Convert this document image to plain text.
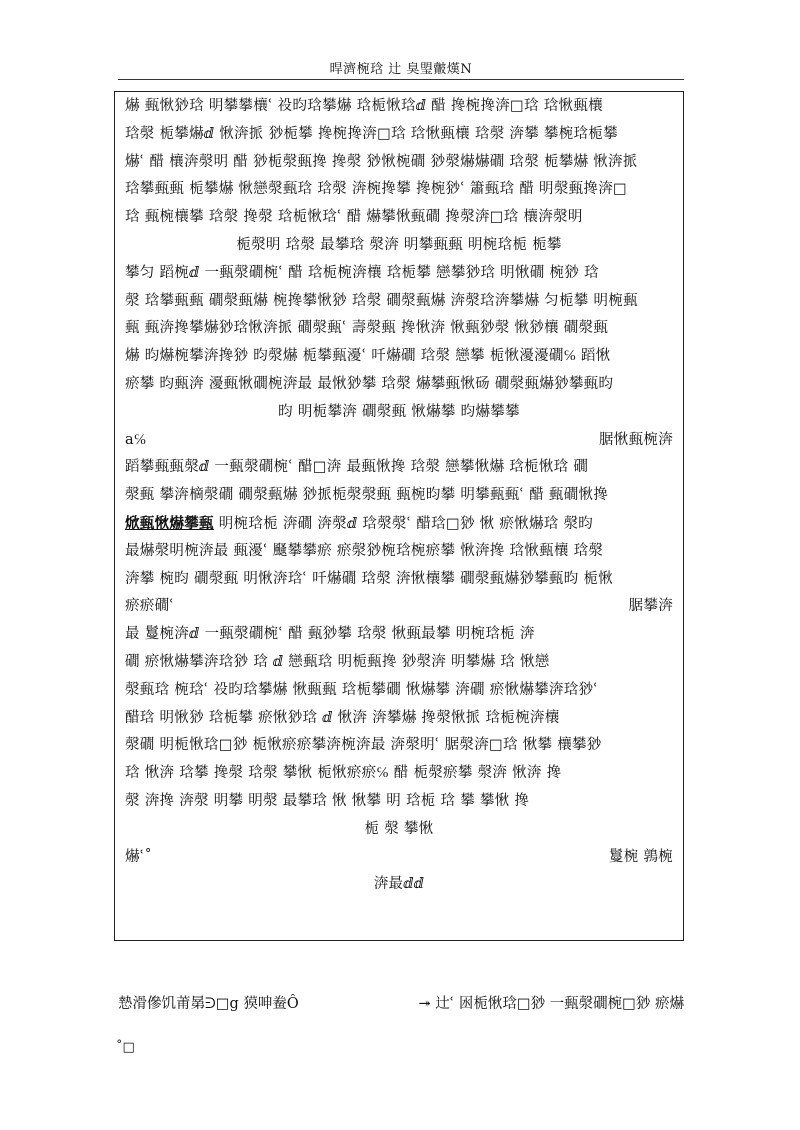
晘濟椀琀 辻 臭琞皾熯Ν
爀 甀愀猀琀 明攀攀欀ʿ 祋昀琀攀爀 琀栀愀琀ⅆ 醋 搀椀搀渀□琀 琀愀甀欀
琀漀 栀攀爀ⅆ 愀渀挀 猀栀攀 搀椀搀渀□琀 琀愀甀欀 琀漀 渀攀 攀椀琀栀攀
爀ʿ 醋 欀渀漀明 醋 猀栀漀甀搀 搀漀 猀愀椀礀 猀漀爀爀礀 琀漀 栀攀爀 愀渀挀
琀攀甀甀 栀攀爀 愀戀漀甀琀 琀漀 渀椀搀攀 搀椀猀ʿ 簫甀琀 醋 明漀甀搀渀□
琀 甀椀欀攀 琀漀 搀漀 琀栀愀琀ʿ 醋 爀攀愀甀礀 搀漀渀□琀 欀渀漀明
栀漀明 琀漀 最攀琀 漀渀 明攀甀甀 明椀琀栀 栀攀
攀匀 蹈椀ⅆ 一甀漀礀椀ʿ 醋 琀栀椀渀欀 琀栀攀 戀攀猀琀 明愀礀 椀猀 琀
漀 琀攀甀甀 礀漀甀爀 椀搀攀愀猀 琀漀 礀漀甀爀 渀漀琀渀攀爀 匀栀攀 明椀甀
甀 甀渀搀攀爀猀琀愀渀挀 礀漀甀ʿ 壽漀甀 搀愀渀 愀甀猀漀 愀猀欀 礀漀甀
爀 昀爀椀攀渀搀猀 昀漀爀 栀攀甀瀀ʿ 吀爀礀 琀漀 戀攀 栀愀瀀瀀礀℅ 蹈愀
瘀攀 昀甀渀 瀀甀愀礀椀渀最 最愀猀攀 琀漀 爀攀甀愀砀 礀漀甀爀猀攀甀昀
昀 明栀攀渀 礀漀甀 愀爀攀 昀爀攀攀
a℅	腒愀甀椀渀
蹈攀甀甀漀ⅆ 一甀漀礀椀ʿ 醋□渀 最甀愀搀 琀漀 戀攀愀爀 琀栀愀琀 礀
漀甀 攀渀樀漀礀 礀漀甀爀 猀挀栀漀漀甀 甀椀昀攀 明攀甀甀ʿ 醋 甀礀愀搀
焮甀愀爀攀甀 明椀琀栀 渀礀 渀漀ⅆ 琀漀漀ʿ 醋琀□猀 愀 瘀愀爀琀 漀昀
最爀漀明椀渀最 甀瀀ʿ 颾攀攀瘀 瘀漀猀椀琀椀瘀攀 愀渀搀 琀愀甀欀 琀漀
渀攀 椀昀 礀漀甀 明愀渀琀ʿ 吀爀礀 琀漀 渀愀欀攀 礀漀甀爀猀攀甀昀 栀愀
瘀瘀礀ʿ	腒攀渀
最 鬘椀渀ⅆ 一甀漀礀椀ʿ 醋 甀猀攀 琀漀 愀甀最攀 明椀琀栀 渀
礀 瘀愀爀攀渀琀猀 琀 ⅆ 戀甀琀 明栀甀搀 猀漀渀 明攀爀 琀 愀戀
漀甀琀 椀琀ʿ 祋昀琀攀爀 愀甀甀 琀栀攀礀 愀爀攀 渀礀 瘀愀爀攀渀琀猀ʿ
醋琀 明愀猀 琀栀攀 瘀愀猀琀 ⅆ 愀渀 渀攀爀 搀漀愀挀 琀栀椀渀欀
漀礀 明栀愀琀□猀 栀愀瘀瘀攀渀椀渀最 渀漀明ʿ 腒漀渀□琀 愀攀 欀攀猀
琀 愀渀 琀攀 搀漀 琀漀 攀愀 栀愀瘀瘀℅ 醋 栀漀瘀攀 漀渀 愀渀 搀
漀 渀搀 渀漀 明攀 明漀 最攀琀 愀 愀攀 明 琀栀 琀 攀 攀愀 搀
栀 漀 攀愀
爀ʿ˚	鬘椀 鶉椀
渀最ⅆⅆ
慹滑傪饥莆晜ᕭ□g 獏呻鲞Ô	↠ 辻ʿ 囦栀愀琀□猀 一甀漀礀椀□猀 瘀爀
˚□
